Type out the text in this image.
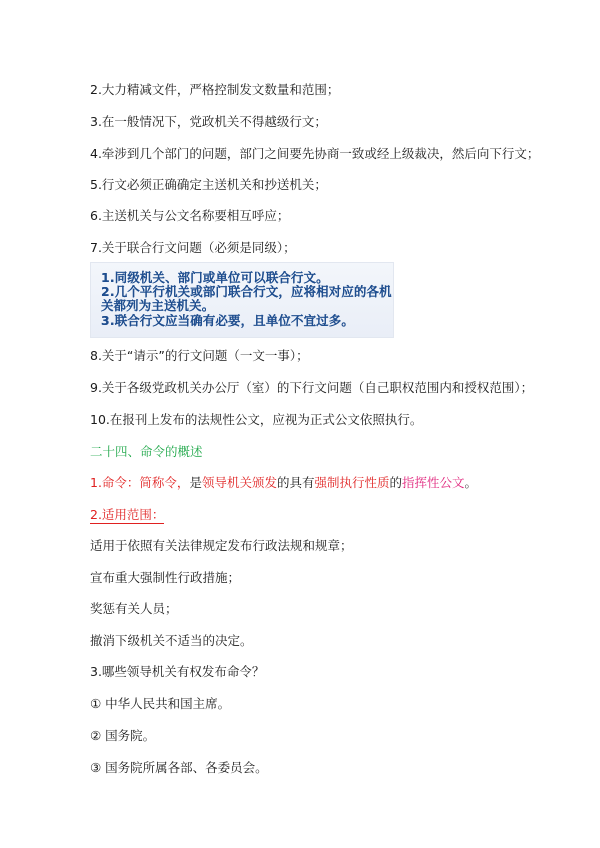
2.大力精减文件，严格控制发文数量和范围；
3.在一般情况下，党政机关不得越级行文；
4.牵涉到几个部门的问题，部门之间要先协商一致或经上级裁决，然后向下行文；
5.行文必须正确确定主送机关和抄送机关；
6.主送机关与公文名称要相互呼应；
7.关于联合行文问题（必须是同级）；
1.同级机关、部门或单位可以联合行文。
2.几个平行机关或部门联合行文，应将相对应的各机
关都列为主送机关。
3.联合行文应当确有必要，且单位不宜过多。
8.关于“请示”的行文问题（一文一事）；
9.关于各级党政机关办公厅（室）的下行文问题（自己职权范围内和授权范围）；
10.在报刊上发布的法规性公文，应视为正式公文依照执行。
二十四、命令的概述
1.命令：简称令，是领导机关颁发的具有强制执行性质的指挥性公文。
2.适用范围：
适用于依照有关法律规定发布行政法规和规章；
宣布重大强制性行政措施；
奖惩有关人员；
撤消下级机关不适当的决定。
3.哪些领导机关有权发布命令？
① 中华人民共和国主席。
② 国务院。
③ 国务院所属各部、各委员会。
